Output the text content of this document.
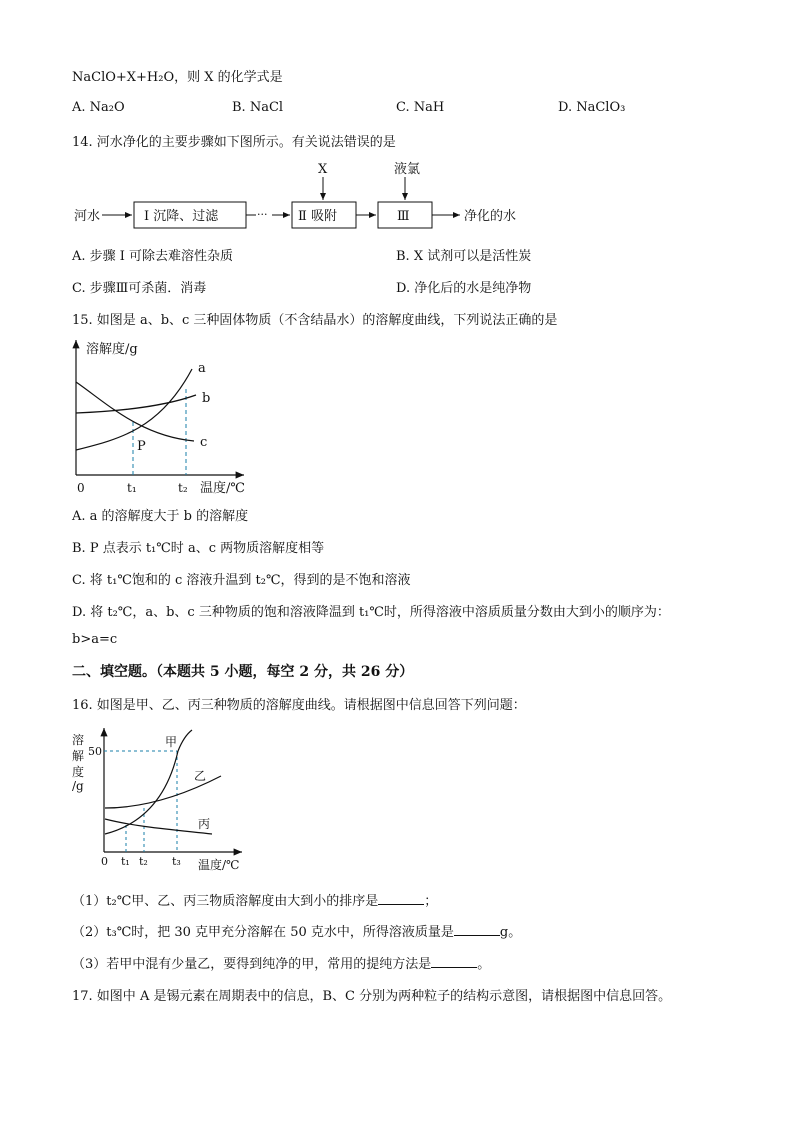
NaClO+X+H₂O，则 X 的化学式是
A. Na₂O	B. NaCl	C. NaH	D. NaClO₃
14. 河水净化的主要步骤如下图所示。有关说法错误的是
河水	Ⅰ 沉降、过滤	··· Ⅱ 吸附	Ⅲ	净化的水
X	液氯
A. 步骤 Ⅰ 可除去难溶性杂质	B. X 试剂可以是活性炭
C. 步骤Ⅲ可杀菌．消毒	D. 净化后的水是纯净物
15. 如图是 a、b、c 三种固体物质（不含结晶水）的溶解度曲线，下列说法正确的是
溶解度/g
温度/℃
0	t₁	t₂
a
b
c
P
A. a 的溶解度大于 b 的溶解度
B. P 点表示 t₁℃时 a、c 两物质溶解度相等
C. 将 t₁℃饱和的 c 溶液升温到 t₂℃，得到的是不饱和溶液
D. 将 t₂℃，a、b、c 三种物质的饱和溶液降温到 t₁℃时，所得溶液中溶质质量分数由大到小的顺序为：
b>a=c
二、填空题。（本题共 5 小题，每空 2 分，共 26 分）
16. 如图是甲、乙、丙三种物质的溶解度曲线。请根据图中信息回答下列问题：
溶
解
度
/g
50
0 t₁ t₂ t₃ 温度/℃
甲
乙
丙
（1）t₂℃甲、乙、丙三物质溶解度由大到小的排序是	；
（2）t₃℃时，把 30 克甲充分溶解在 50 克水中，所得溶液质量是	g。
（3）若甲中混有少量乙，要得到纯净的甲，常用的提纯方法是	。
17. 如图中 A 是锡元素在周期表中的信息，B、C 分别为两种粒子的结构示意图，请根据图中信息回答。
